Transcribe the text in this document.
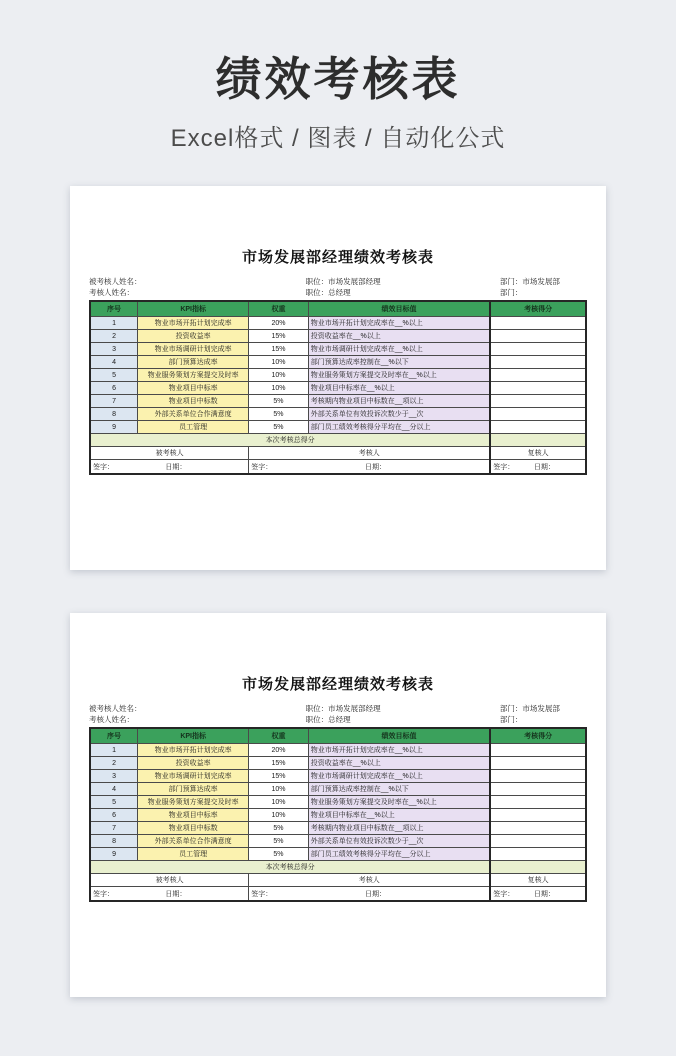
绩效考核表

Excel格式 / 图表 / 自动化公式

市场发展部经理绩效考核表
被考核人姓名：	职位：市场发展部经理	部门：市场发展部
考核人姓名：	职位：总经理	部门：
序号	KPI指标	权重	绩效目标值	考核得分
1	物业市场开拓计划完成率	20%	物业市场开拓计划完成率在__%以上	
2	投资收益率	15%	投资收益率在__%以上	
3	物业市场调研计划完成率	15%	物业市场调研计划完成率在__%以上	
4	部门预算达成率	10%	部门预算达成率控制在__%以下	
5	物业服务策划方案提交及时率	10%	物业服务策划方案提交及时率在__%以上	
6	物业项目中标率	10%	物业项目中标率在__%以上	
7	物业项目中标数	5%	考核期内物业项目中标数在__项以上	
8	外部关系单位合作满意度	5%	外部关系单位有效投诉次数少于__次	
9	员工管理	5%	部门员工绩效考核得分平均在__分以上	
本次考核总得分				
被考核人		考核人		复核人

签字： 日期：		签字： 日期：		签字： 日期：
市场发展部经理绩效考核表
被考核人姓名：	职位：市场发展部经理	部门：市场发展部
考核人姓名：	职位：总经理	部门：
序号	KPI指标	权重	绩效目标值	考核得分
1	物业市场开拓计划完成率	20%	物业市场开拓计划完成率在__%以上	
2	投资收益率	15%	投资收益率在__%以上	
3	物业市场调研计划完成率	15%	物业市场调研计划完成率在__%以上	
4	部门预算达成率	10%	部门预算达成率控制在__%以下	
5	物业服务策划方案提交及时率	10%	物业服务策划方案提交及时率在__%以上	
6	物业项目中标率	10%	物业项目中标率在__%以上	
7	物业项目中标数	5%	考核期内物业项目中标数在__项以上	
8	外部关系单位合作满意度	5%	外部关系单位有效投诉次数少于__次	
9	员工管理	5%	部门员工绩效考核得分平均在__分以上	
本次考核总得分				
被考核人		考核人		复核人

签字： 日期：		签字： 日期：		签字： 日期：
